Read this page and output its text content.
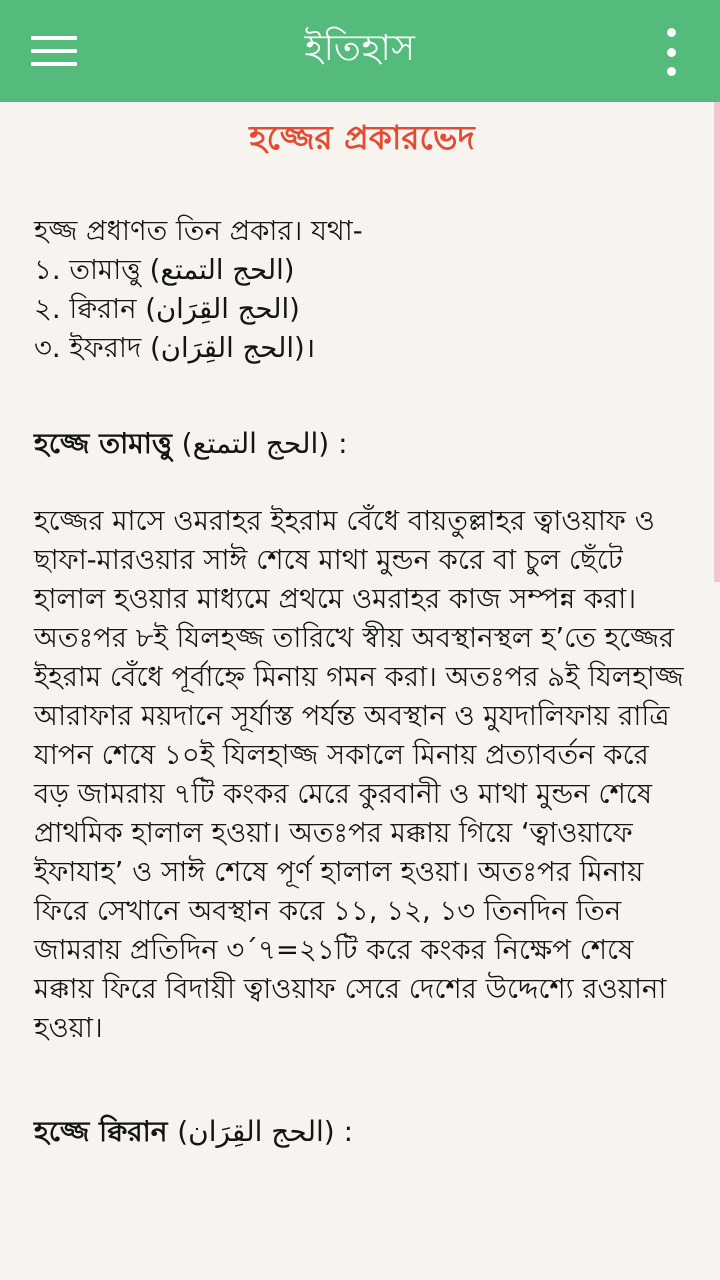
ইতিহাস
হজ্জের প্রকারভেদ
হজ্জ প্রধাণত তিন প্রকার। যথা-
১. তামাত্তু (الحج التمتع)
২. ক্বিরান (الحج القِرَان)
৩. ইফরাদ (الحج القِرَان)।
হজ্জে তামাত্তু (الحج التمتع) :

হজ্জের মাসে ওমরাহর ইহরাম বেঁধে বায়তুল্লাহর ত্বাওয়াফ ও ছাফা-মারওয়ার সাঈ শেষে মাথা মুন্ডন করে বা চুল ছেঁটে হালাল হওয়ার মাধ্যমে প্রথমে ওমরাহর কাজ সম্পন্ন করা। অতঃপর ৮ই যিলহজ্জ তারিখে স্বীয় অবস্থানস্থল হ’তে হজ্জের ইহরাম বেঁধে পূর্বাহ্নে মিনায় গমন করা। অতঃপর ৯ই যিলহাজ্জ আরাফার ময়দানে সূর্যাস্ত পর্যন্ত অবস্থান ও মুযদালিফায় রাত্রি যাপন শেষে ১০ই যিলহাজ্জ সকালে মিনায় প্রত্যাবর্তন করে বড় জামরায় ৭টি কংকর মেরে কুরবানী ও মাথা মুন্ডন শেষে প্রাথমিক হালাল হওয়া। অতঃপর মক্কায় গিয়ে ‘ত্বাওয়াফে ইফাযাহ’ ও সাঈ শেষে পূর্ণ হালাল হওয়া। অতঃপর মিনায় ফিরে সেখানে অবস্থান করে ১১, ১২, ১৩ তিনদিন তিন জামরায় প্রতিদিন ৩´৭=২১টি করে কংকর নিক্ষেপ শেষে মক্কায় ফিরে বিদায়ী ত্বাওয়াফ সেরে দেশের উদ্দেশ্যে রওয়ানা হওয়া।

হজ্জে ক্বিরান (الحج القِرَان) :
